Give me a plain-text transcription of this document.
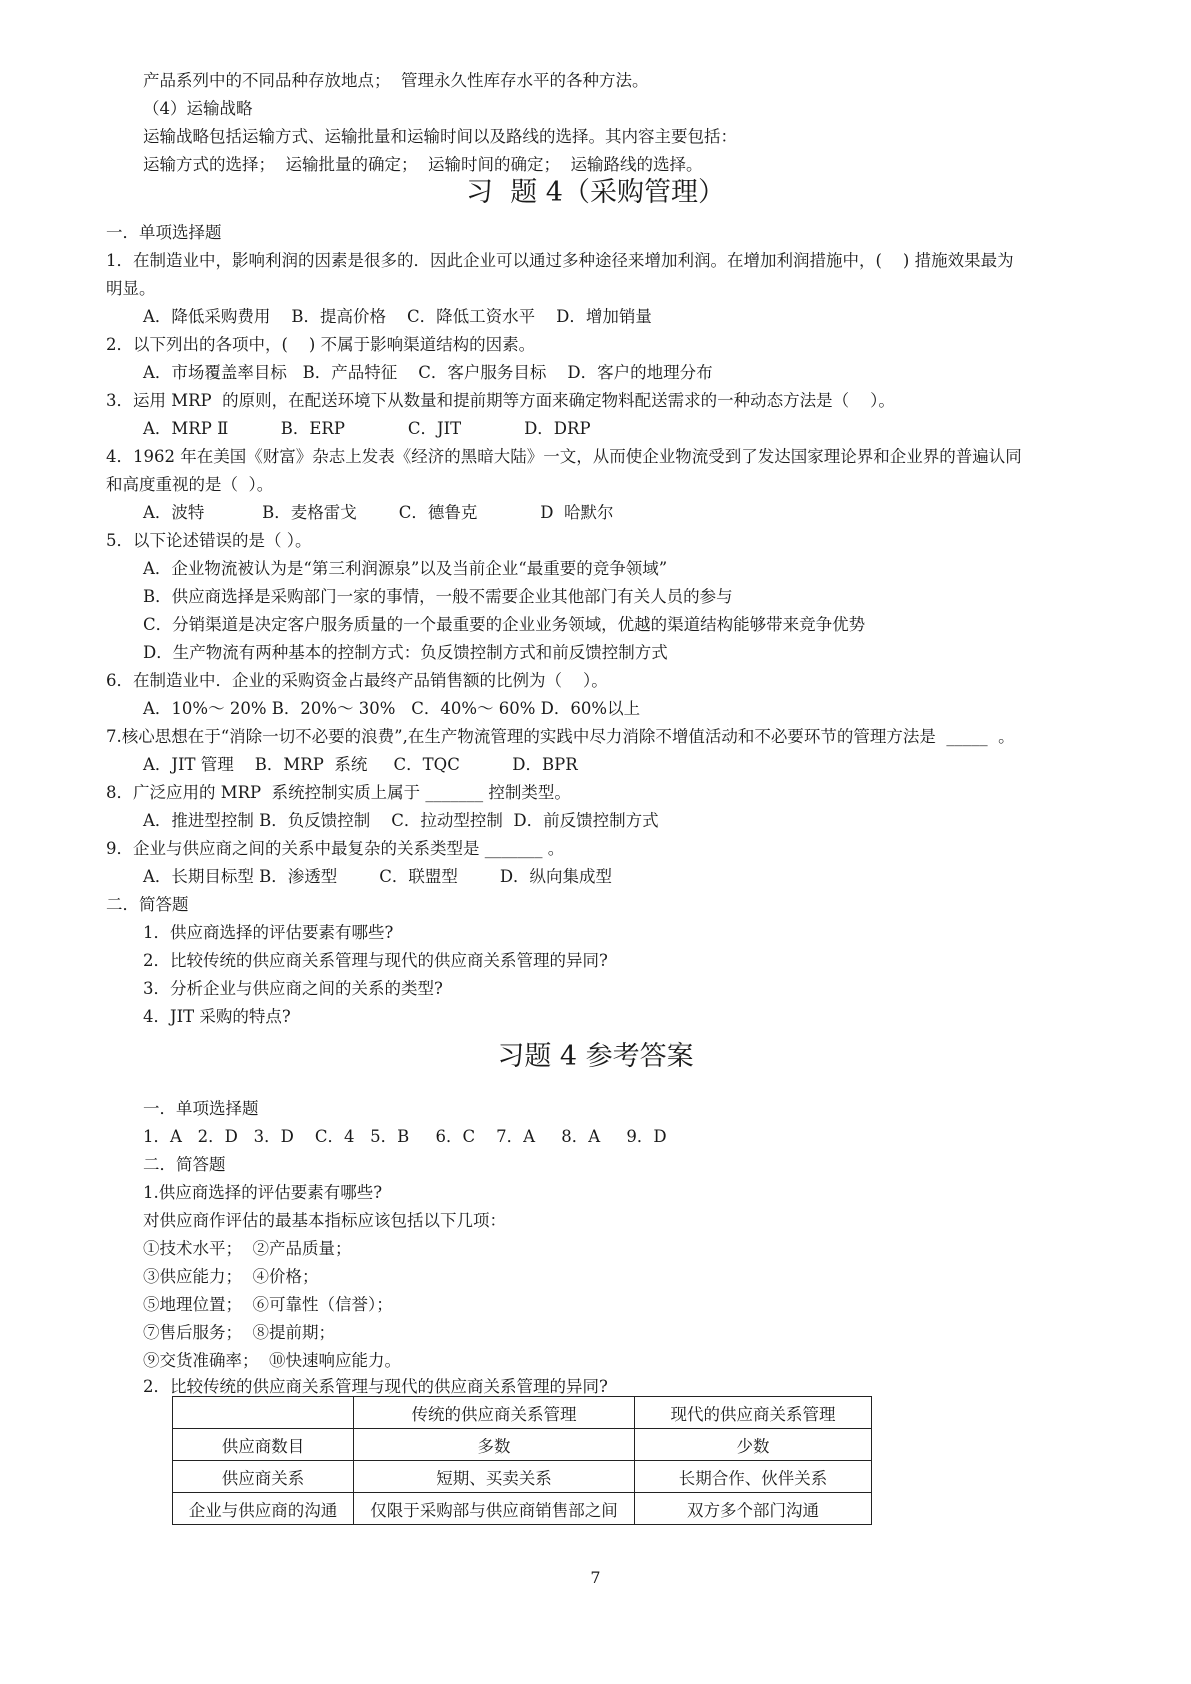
产品系列中的不同品种存放地点；  管理永久性库存水平的各种方法。

（4）运输战略

运输战略包括运输方式、运输批量和运输时间以及路线的选择。其内容主要包括：

运输方式的选择；  运输批量的确定；  运输时间的确定；  运输路线的选择。

习  题 4（采购管理）

一．单项选择题

1．在制造业中，影响利润的因素是很多的．因此企业可以通过多种途径来增加利润。在增加利润措施中，(    ) 措施效果最为

明显。

A．降低采购费用    B．提高价格    C．降低工资水平    D．增加销量

2．以下列出的各项中，(    ) 不属于影响渠道结构的因素。

A．市场覆盖率目标   B．产品特征    C．客户服务目标    D．客户的地理分布

3．运用 MRP  的原则，在配送环境下从数量和提前期等方面来确定物料配送需求的一种动态方法是（    ）。

A．MRP Ⅱ          B．ERP            C．JIT            D．DRP

4．1962 年在美国《财富》杂志上发表《经济的黑暗大陆》一文，从而使企业物流受到了发达国家理论界和企业界的普遍认同

和高度重视的是（  ）。

A．波特           B．麦格雷戈        C．德鲁克            D  哈默尔

5．以下论述错误的是（ ）。

A．企业物流被认为是“第三利润源泉”以及当前企业“最重要的竞争领域”

B．供应商选择是采购部门一家的事情，一般不需要企业其他部门有关人员的参与

C．分销渠道是决定客户服务质量的一个最重要的企业业务领域，优越的渠道结构能够带来竞争优势

D．生产物流有两种基本的控制方式：负反馈控制方式和前反馈控制方式

6．在制造业中．企业的采购资金占最终产品销售额的比例为（    ）。

A．10%～ 20% B．20%～ 30%   C．40%～ 60% D．60%以上

7.核心思想在于“消除一切不必要的浪费”,在生产物流管理的实践中尽力消除不增值活动和不必要环节的管理方法是  _____  。

A．JIT 管理    B．MRP  系统     C．TQC          D．BPR

8．广泛应用的 MRP  系统控制实质上属于 _______ 控制类型。

A．推进型控制 B．负反馈控制    C．拉动型控制  D．前反馈控制方式

9．企业与供应商之间的关系中最复杂的关系类型是 _______ 。

A．长期目标型 B．渗透型        C．联盟型        D．纵向集成型

二．简答题

1．供应商选择的评估要素有哪些?

2．比较传统的供应商关系管理与现代的供应商关系管理的异同?

3．分析企业与供应商之间的关系的类型?

4．JIT 采购的特点?

习题 4 参考答案

一．单项选择题

1．A   2．D   3．D    C．4   5．B     6．C    7．A     8．A     9．D

二．简答题

1.供应商选择的评估要素有哪些?

对供应商作评估的最基本指标应该包括以下几项：

①技术水平；  ②产品质量；

③供应能力；  ④价格；

⑤地理位置；  ⑥可靠性（信誉）；

⑦售后服务；  ⑧提前期；

⑨交货准确率；  ⑩快速响应能力。

2．比较传统的供应商关系管理与现代的供应商关系管理的异同?

	传统的供应商关系管理	现代的供应商关系管理
供应商数目	多数	少数
供应商关系	短期、买卖关系	长期合作、伙伴关系
企业与供应商的沟通	仅限于采购部与供应商销售部之间	双方多个部门沟通
7
